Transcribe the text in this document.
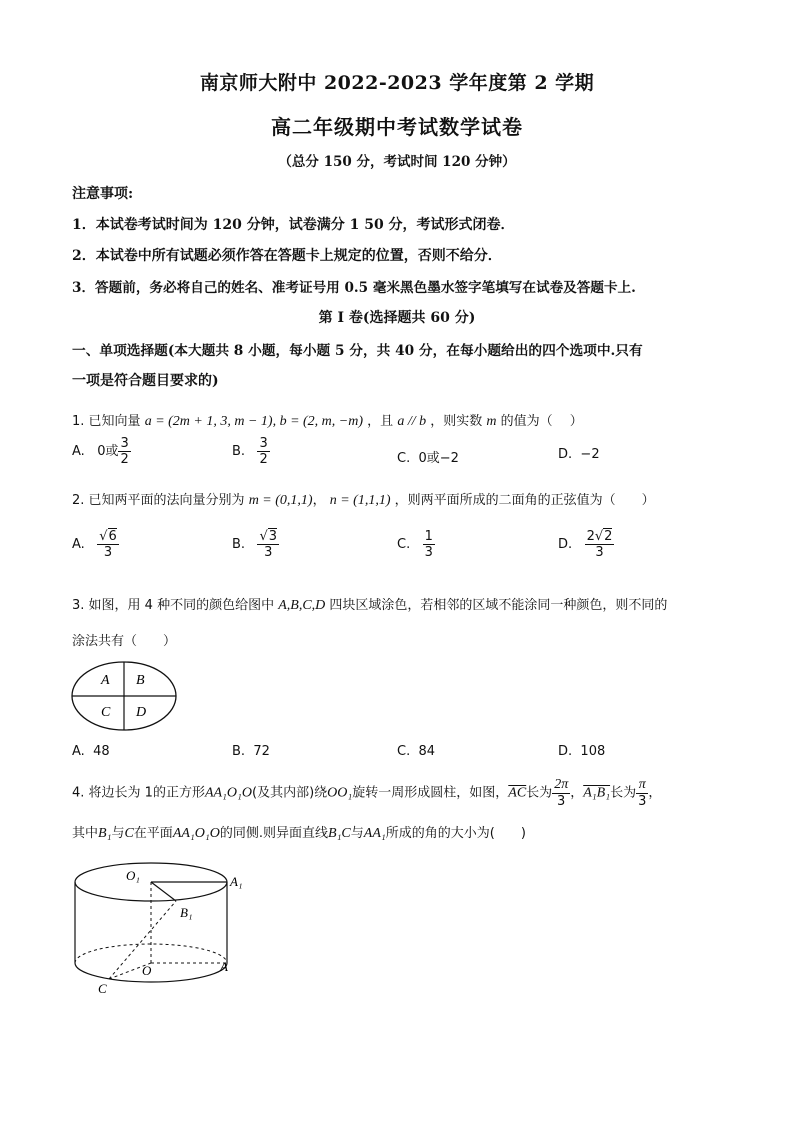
南京师大附中 2022-2023 学年度第 2 学期
高二年级期中考试数学试卷
（总分 150 分，考试时间 120 分钟）
注意事项:
1．本试卷考试时间为 120 分钟，试卷满分 1 50 分，考试形式闭卷．
2．本试卷中所有试题必须作答在答题卡上规定的位置，否则不给分．
3．答题前，务必将自己的姓名、准考证号用 0.5 毫米黑色墨水签字笔填写在试卷及答题卡上.
第 I 卷(选择题共 60 分)
一、单项选择题(本大题共 8 小题，每小题 5 分，共 40 分，在每小题给出的四个选项中.只有
一项是符合题目要求的)
1. 已知向量 a = (2m + 1, 3, m − 1), b = (2, m, −m) ，且 a // b ，则实数 m 的值为（　 ）
A. 0或 $\frac{3}{2}$	B. $\frac{3}{2}$	C. 0或−2	D. −2
2. 已知两平面的法向量分别为 m = (0,1,1)， n = (1,1,1) ，则两平面所成的二面角的正弦值为（　　）
A. $\frac{√6}{3}$	B. $\frac{√3}{3}$	C. $\frac{1}{3}$	D. $\frac{2√2}{3}$
3. 如图，用 4 种不同的颜色给图中 A,B,C,D 四块区域涂色，若相邻的区域不能涂同一种颜色，则不同的
涂法共有（　　）
A B
C D
A. 48	B. 72	C. 84	D. 108
4. 将边长为 1的正方形AA₁O₁O(及其内部)绕OO₁旋转一周形成圆柱，如图，$\overline{AC}$长为 $\frac{2\pi}{3}$ ，A₁B₁长为 $\frac{\pi}{3}$ ，
其中B₁与C在平面AA₁O₁O的同侧.则异面直线B₁C与AA₁所成的角的大小为(　　)
O₁	A₁
B₁
O	A
C
